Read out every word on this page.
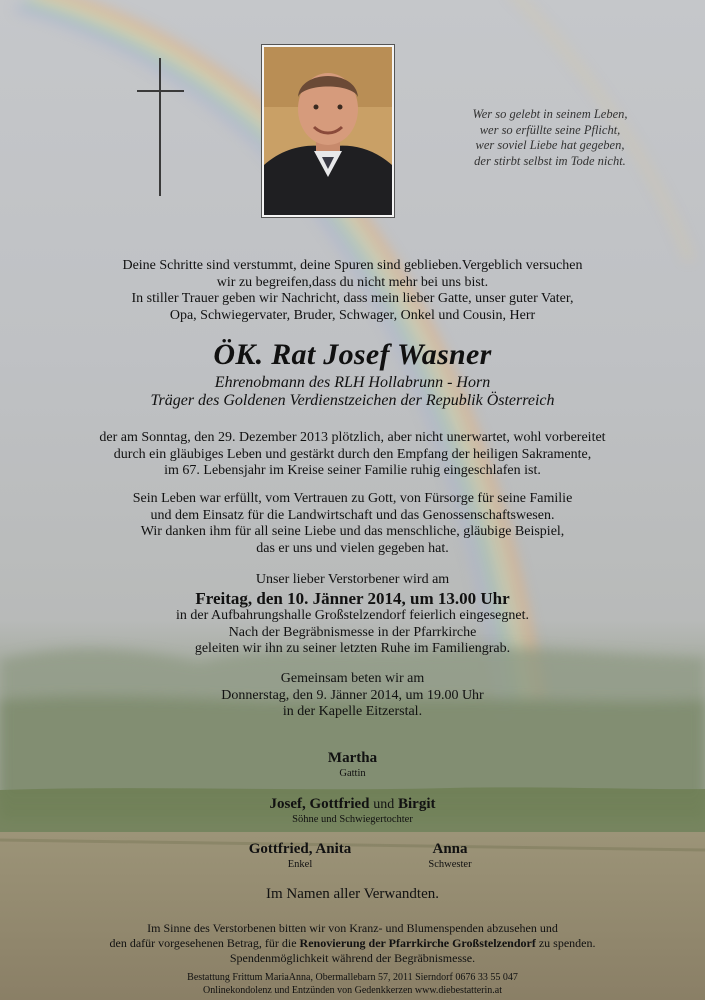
Wer so gelebt in seinem Leben,
wer so erfüllte seine Pflicht,
wer soviel Liebe hat gegeben,
der stirbt selbst im Tode nicht.
Deine Schritte sind verstummt, deine Spuren sind geblieben.Vergeblich versuchen
wir zu begreifen,dass du nicht mehr bei uns bist.
In stiller Trauer geben wir Nachricht, dass mein lieber Gatte, unser guter Vater,
Opa, Schwiegervater, Bruder, Schwager, Onkel und Cousin, Herr
ÖK. Rat Josef Wasner
Ehrenobmann des RLH Hollabrunn - Horn
Träger des Goldenen Verdienstzeichen der Republik Österreich
der am Sonntag, den 29. Dezember 2013 plötzlich, aber nicht unerwartet, wohl vorbereitet
durch ein gläubiges Leben und gestärkt durch den Empfang der heiligen Sakramente,
im 67. Lebensjahr im Kreise seiner Familie ruhig eingeschlafen ist.
Sein Leben war erfüllt, vom Vertrauen zu Gott, von Fürsorge für seine Familie
und dem Einsatz für die Landwirtschaft und das Genossenschaftswesen.
Wir danken ihm für all seine Liebe und das menschliche, gläubige Beispiel,
das er uns und vielen gegeben hat.
Unser lieber Verstorbener wird am
Freitag, den 10. Jänner 2014, um 13.00 Uhr
in der Aufbahrungshalle Großstelzendorf feierlich eingesegnet.
Nach der Begräbnismesse in der Pfarrkirche
geleiten wir ihn zu seiner letzten Ruhe im Familiengrab.
Gemeinsam beten wir am
Donnerstag, den 9. Jänner 2014, um 19.00 Uhr
in der Kapelle Eitzerstal.
Martha
Gattin
Josef, Gottfried und Birgit
Söhne und Schwiegertochter
Gottfried, Anita
Enkel
Anna
Schwester
Im Namen aller Verwandten.
Im Sinne des Verstorbenen bitten wir von Kranz- und Blumenspenden abzusehen und
den dafür vorgesehenen Betrag, für die Renovierung der Pfarrkirche Großstelzendorf zu spenden.
Spendenmöglichkeit während der Begräbnismesse.
Bestattung Frittum MariaAnna, Obermallebarn 57, 2011 Sierndorf 0676 33 55 047
Onlinekondolenz und Entzünden von Gedenkkerzen www.diebestatterin.at
